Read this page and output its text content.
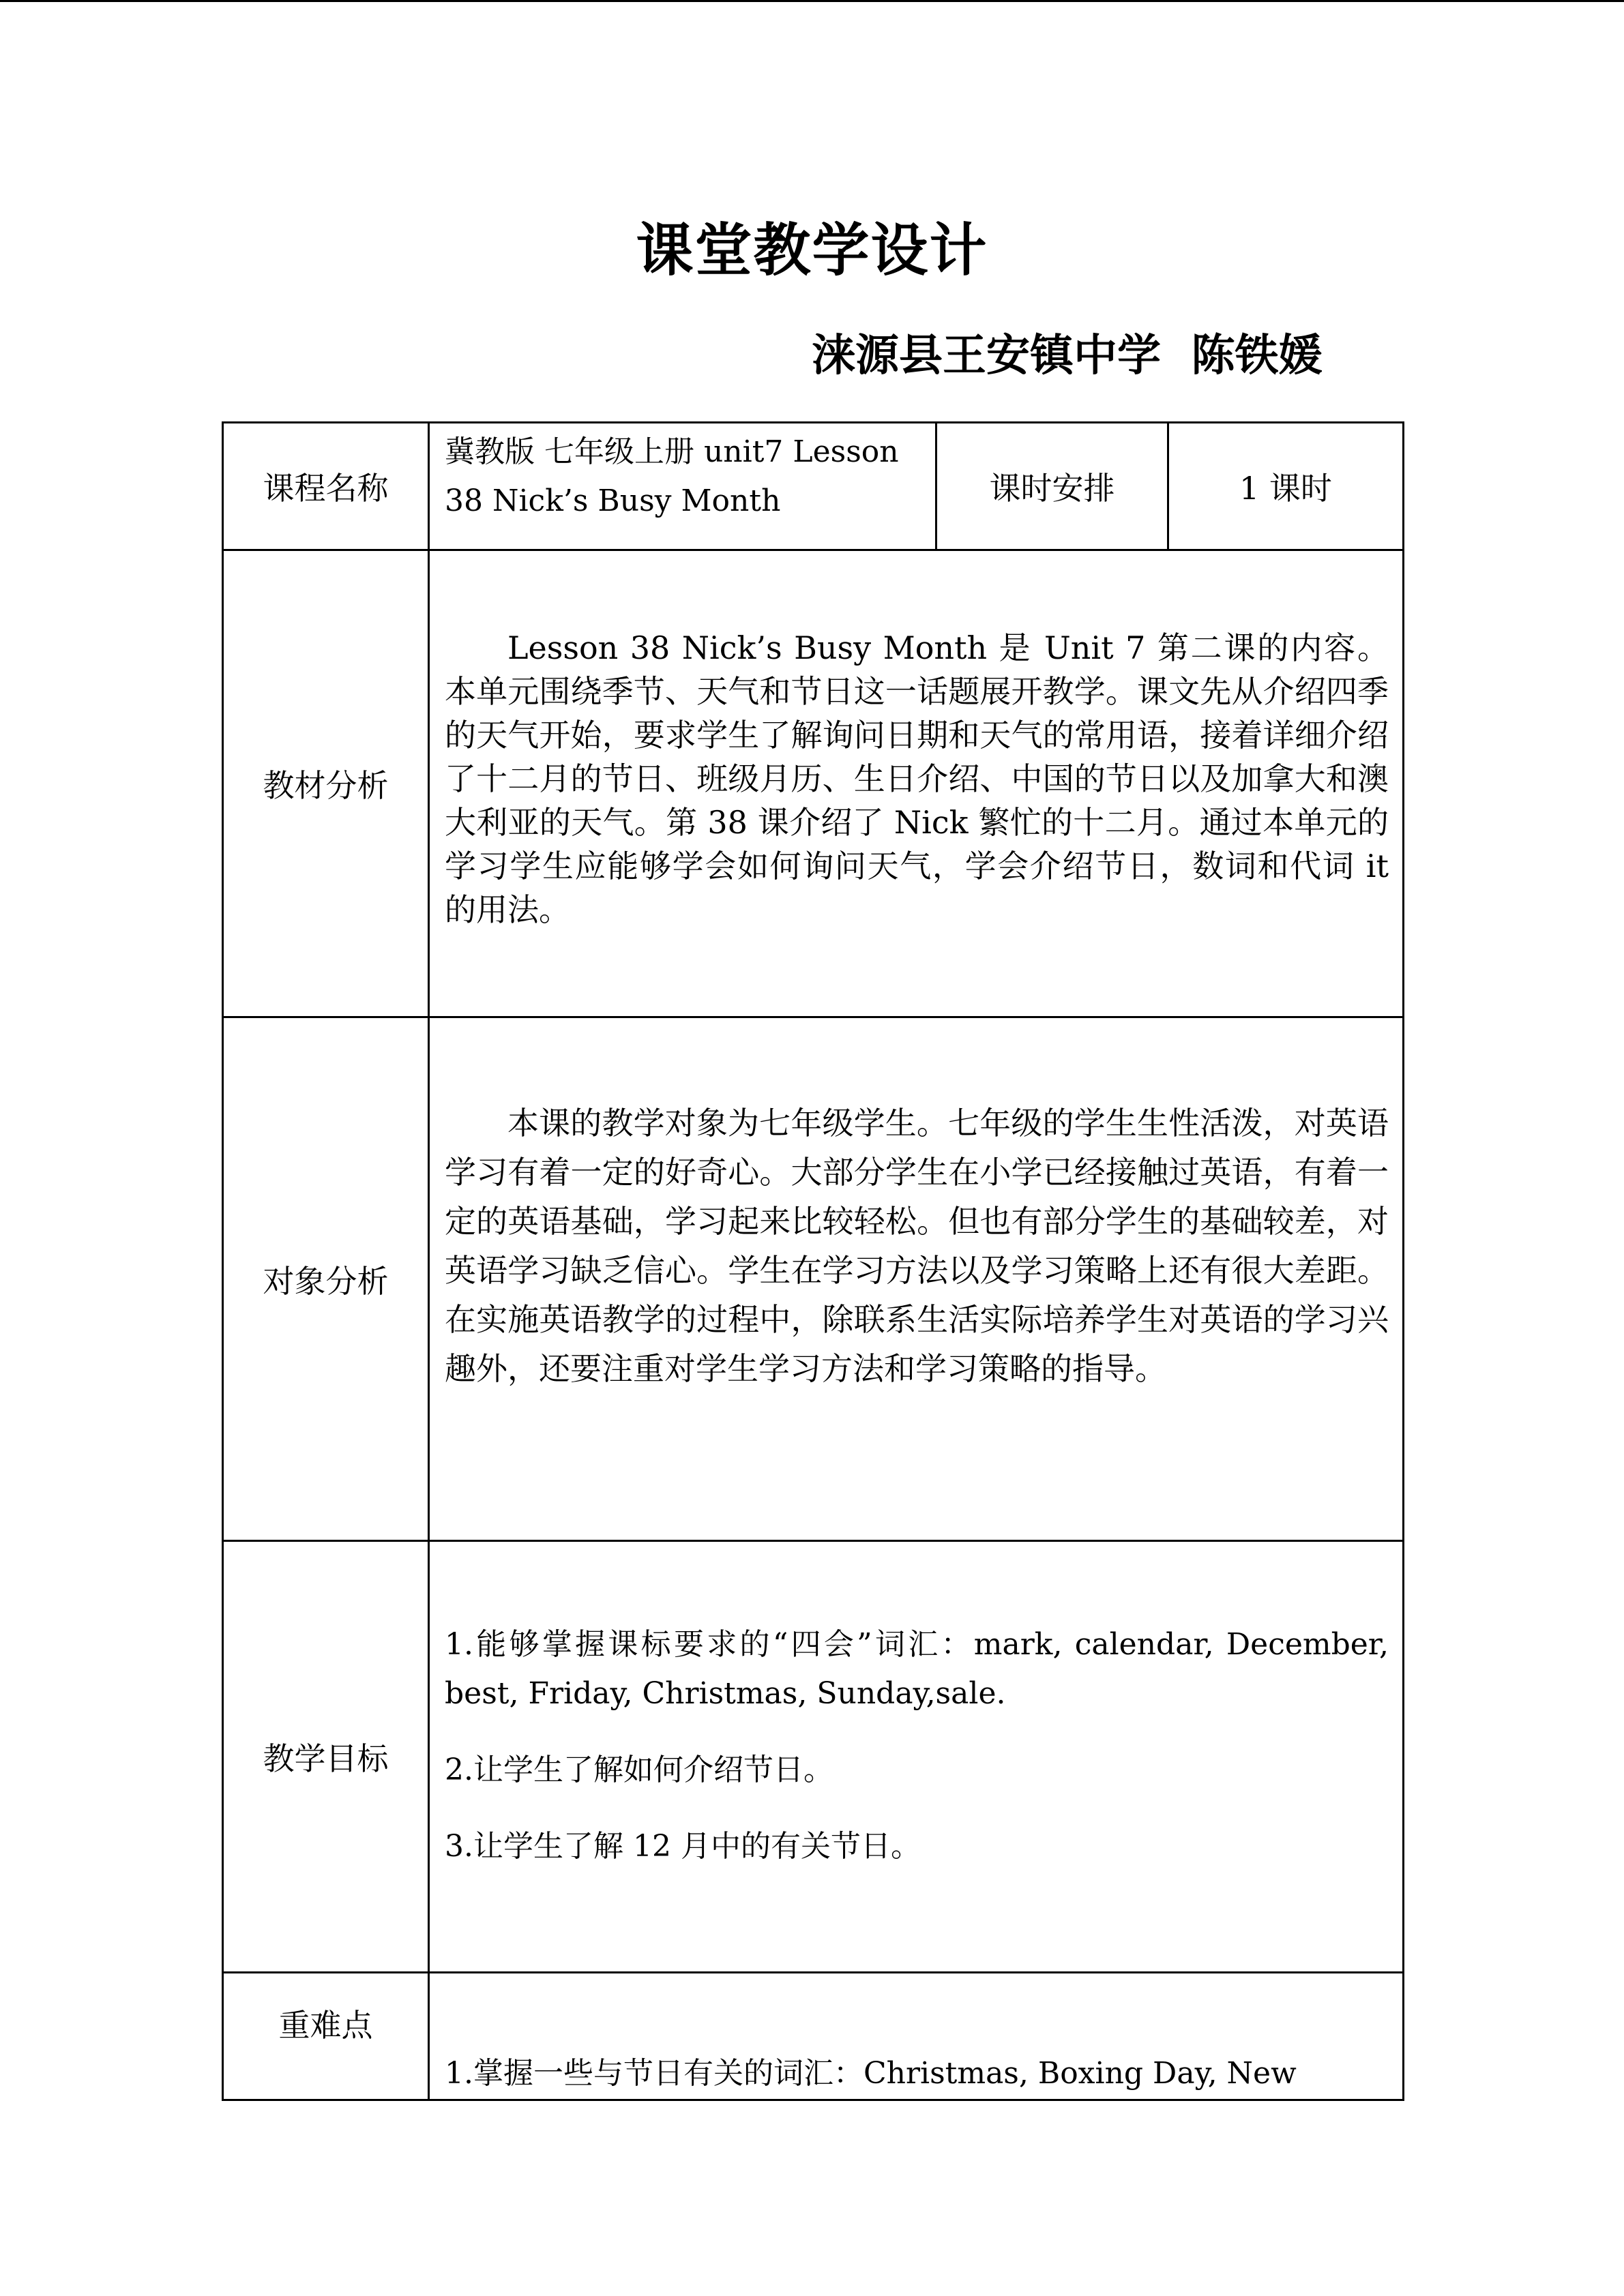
课堂教学设计
涞源县王安镇中学  陈铁媛
课程名称	冀教版 七年级上册 unit7 Lesson 38 Nick’s Busy Month	课时安排	1 课时
教材分析	Lesson 38 Nick’s Busy Month 是 Unit 7 第二课的内容。本单元围绕季节、天气和节日这一话题展开教学。课文先从介绍四季的天气开始，要求学生了解询问日期和天气的常用语，接着详细介绍了十二月的节日、班级月历、生日介绍、中国的节日以及加拿大和澳大利亚的天气。第 38 课介绍了 Nick 繁忙的十二月。通过本单元的学习学生应能够学会如何询问天气，学会介绍节日，数词和代词 it 的用法。		

对象分析	本课的教学对象为七年级学生。七年级的学生生性活泼，对英语学习有着一定的好奇心。大部分学生在小学已经接触过英语，有着一定的英语基础，学习起来比较轻松。但也有部分学生的基础较差，对英语学习缺乏信心。学生在学习方法以及学习策略上还有很大差距。在实施英语教学的过程中，除联系生活实际培养学生对英语的学习兴趣外，还要注重对学生学习方法和学习策略的指导。		

教学目标	1.能够掌握课标要求的“四会”词汇：mark, calendar, December, best, Friday, Christmas, Sunday,sale.

2.让学生了解如何介绍节日。

3.让学生了解 12 月中的有关节日。		

重难点	1.掌握一些与节日有关的词汇：Christmas, Boxing Day, New		
